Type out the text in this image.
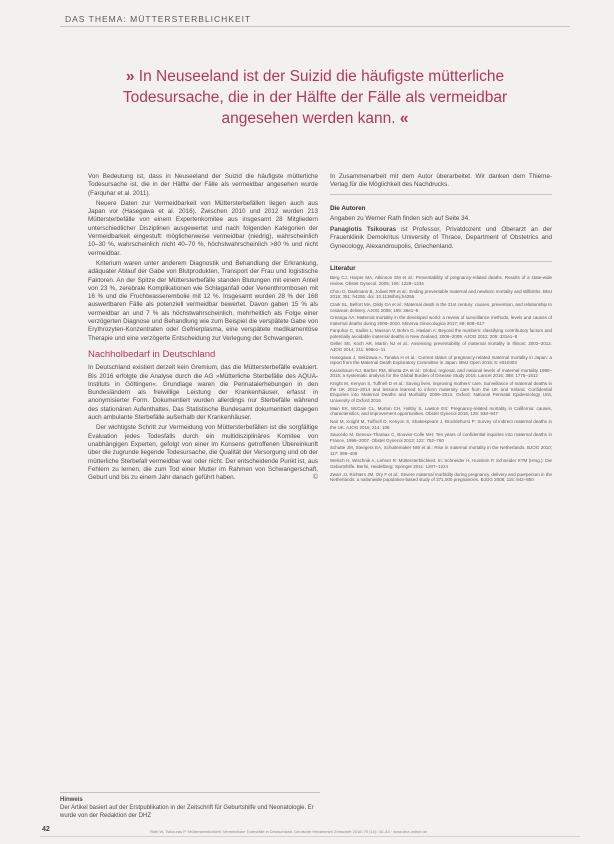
DAS THEMA: MÜTTERSTERBLICHKEIT
» In Neuseeland ist der Suizid die häufigste mütterliche Todesursache, die in der Hälfte der Fälle als vermeidbar angesehen werden kann. «

Von Bedeutung ist, dass in Neuseeland der Suizid die häufigste mütterliche Todesursache ist, die in der Hälfte der Fälle als vermeidbar angesehen wurde (Farquhar et al. 2011).

Neuere Daten zur Vermeidbarkeit von Müttersterbefällen liegen auch aus Japan vor (Hasegawa et al. 2016). Zwischen 2010 und 2012 wurden 213 Müttersterbefälle von einem Expertenkomitee aus insgesamt 28 Mitgliedern unterschiedlicher Disziplinen ausgewertet und nach folgenden Kategorien der Vermeidbarkeit eingestuft: möglicherweise vermeidbar (niedrig), wahrscheinlich 10–30 %, wahrscheinlich nicht 40–70 %, höchstwahrscheinlich >80 % und nicht vermeidbar.

Kriterium waren unter anderem Diagnostik und Behandlung der Erkrankung, adäquater Ablauf der Gabe von Blutprodukten, Transport der Frau und logistische Faktoren. An der Spitze der Müttersterbefälle standen Blutungen mit einem Anteil von 23 %, zerebrale Komplikationen wie Schlaganfall oder Venenthrombosen mit 16 % und die Fruchtwasserembolie mit 12 %. Insgesamt wurden 28 % der 168 auswertbaren Fälle als potenziell vermeidbar bewertet. Davon gaben 15 % als vermeidbar an und 7 % als höchstwahrscheinlich, mehrheitlich als Folge einer verzögerten Diagnose und Behandlung wie zum Beispiel die verspätete Gabe von Erythrozyten-Konzentraten oder Gefrierplasma, eine verspätete medikamentöse Therapie und eine verzögerte Entscheidung zur Verlegung der Schwangeren.

Nachholbedarf in Deutschland

In Deutschland existiert derzeit kein Gremium, das die Müttersterbefälle evaluiert. Bis 2016 erfolgte die Analyse durch die AG »Mütterliche Sterbefälle des AQUA-Instituts in Göttingen«. Grundlage waren die Perinatalerhebungen in den Bundesländern als freiwillige Leistung der Krankenhäuser, erfasst in anonymisierter Form. Dokumentiert wurden allerdings nur Sterbefälle während des stationären Aufenthaltes. Das Statistische Bundesamt dokumentiert dagegen auch ambulante Sterbefälle außerhalb der Krankenhäuser.

Der wichtigste Schritt zur Vermeidung von Müttersterbefällen ist die sorgfältige Evaluation jedes Todesfalls durch ein multidisziplinäres Komitee von unabhängigen Experten, gefolgt von einer im Konsens getroffenen Übereinkunft über die zugrunde liegende Todesursache, die Qualität der Versorgung und ob der mütterliche Sterbefall vermeidbar war oder nicht. Der entscheidende Punkt ist, aus Fehlern zu lernen, die zum Tod einer Mutter im Rahmen von Schwangerschaft, Geburt und bis zu einem Jahr danach geführt haben.	©

In Zusammenarbeit mit dem Autor überarbeitet. Wir danken dem Thieme-Verlag für die Möglichkeit des Nachdrucks.

Die Autoren

Angaben zu Werner Rath finden sich auf Seite 34.

Panagiotis Tsikouras ist Professor, Privatdozent und Oberarzt an der Frauenklinik Demokritus University of Thrace, Department of Obstetrics and Gynecology, Alexandroupolis, Griechenland.

Literatur

Berg CJ, Harper MA, Atkinson SM et al.: Preventability of pregnancy-related deaths. Results of a state-wide review. Obstet Gynecol. 2005; 106: 1228–1234

Chou D, Daelmans B, Jolivet RR et al.: Ending preventable maternal and newborn mortality and stillbirths. BMJ 2015; 351: h4255. doi: 10.1136/bmj.h4255

Clark SL, Belfort MA, Dildy GA et al.: Maternal death in the 21st century: causes, prevention, and relationship to cesarean delivery. AJOG 2008; 199: 36e1–5

Creanga AA: Maternal mortality in the developed world: a review of surveillance methods, levels and causes of maternal deaths during 2006–2010. Minerva Ginecologica 2017; 69: 608–617

Farquhar C, Sadler L, Masson V, Bohm G, Haslam A: Beyond the numbers: classifying contributory factors and potentially avoidable maternal deaths in New Zealand, 2006–2009. AJOG 2011; 205: 331e1–8

Geller SE, Koch AR, Martin NJ et al.: Assessing preventability of maternal mortality in Illinois: 2002–2012. AJOG 2014; 211: 698e1–11

Hasegawa J, Sekizawa A, Tanaka H et al.: Current status of pregnancy-related maternal mortality in Japan: a report from the Maternal Death Exploratory Committee in Japan. BMJ Open 2016; 6: e010304

Kassebaum NJ, Barber RM, Bhutta ZA et al.: Global, regional, and national levels of maternal mortality 1990–2015: a systematic analysis for the Global Burden of Disease Study 2015. Lancet 2016; 388: 1775–1812

Knight M, Kenyon S, Tuffnell D et al.: Saving lives, improving mothers' care. Surveillance of maternal deaths in the UK 2012–2014 and lessons learned to inform maternity care from the UK and Ireland. Confidential Enquiries into Maternal Deaths and Morbidity 2009–2014. Oxford: National Perinatal Epidemiology Unit, University of Oxford 2016

Main EK, McCain CL, Morton CH, Holtby S, Lawton ES: Pregnancy-related mortality in California: causes, characteristics, and improvement opportunities. Obstet Gynecol 2015; 125: 938–947

Nair M, Knight M, Tuffnell D, Kenyon S, Shakespeare J, Brocklehurst P: Survey of indirect maternal deaths in the UK. AJOG 2016; 214: 108

Saucedo M, Deneux-Tharaux C, Bouvier-Colle MH: Ten years of confidential inquiries into maternal deaths in France, 1998–2007. Obstet Gynecol 2013; 122: 752–760

Schutte JM, Steegers EA, Schuitemaker NW et al.: Rise in maternal mortality in the Netherlands. BJOG 2010; 117: 399–406

Welsch H, Wischnik A, Lehner R: Müttersterblichkeit. In: Schneider H, Husslein P, Schneider KTM (Hrsg.): Die Geburtshilfe. Berlin, Heidelberg: Springer 2011: 1207–1224

Zwart JJ, Richters JM, Ory F et al.: Severe maternal morbidity during pregnancy, delivery and puerperium in the Netherlands: a nationwide population-based study of 371,000 pregnancies. BJOG 2008; 115: 842–850

Hinweis
Der Artikel basiert auf der Erstpublikation in der Zeitschrift für Geburtshilfe und Neonatologie. Er wurde von der Redaktion der DHZ
42	Rath W, Tsikouras P: Müttersterblichkeit: Vermeidbare Todesfälle in Deutschland. Deutsche Hebammen Zeitschrift 2018; 70 (10): 40–43 · www.dhz-online.de
